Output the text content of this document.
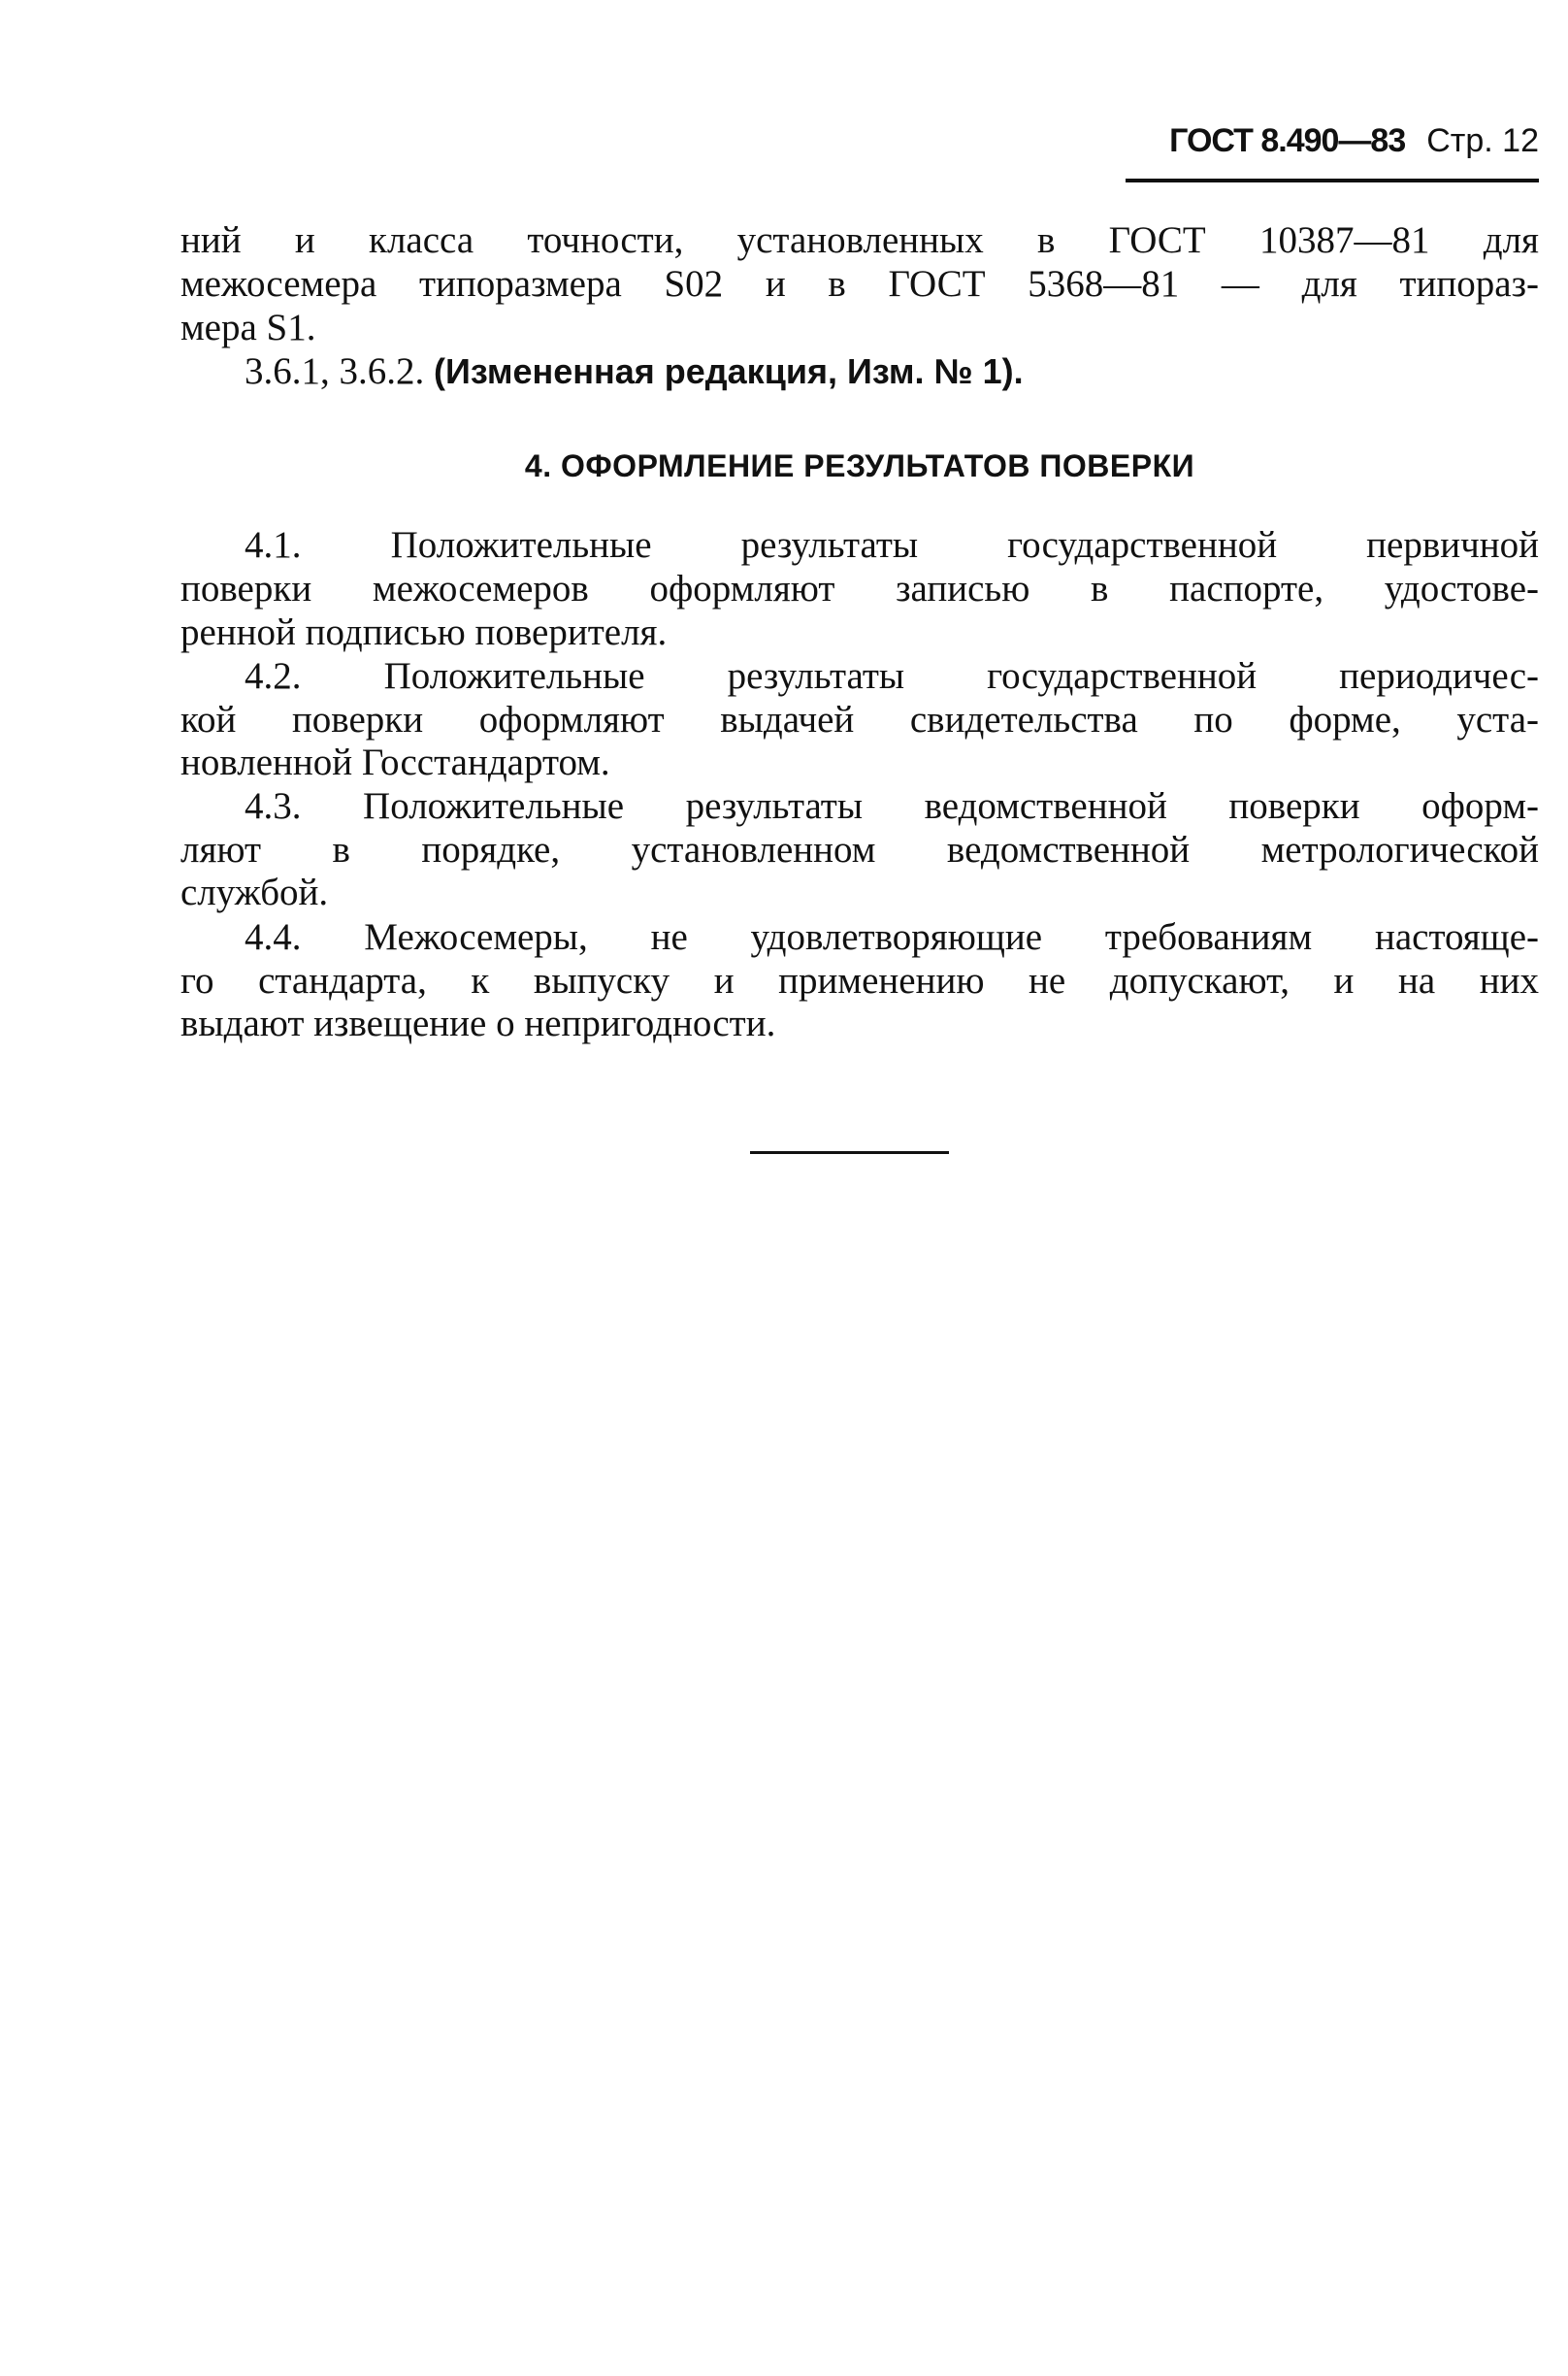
ГОСТ 8.490—83 Стр. 12
ний и класса точности, установленных в ГОСТ 10387—81 для
межосемера типоразмера S02 и в ГОСТ 5368—81 — для типораз-
мера S1.
3.6.1, 3.6.2. (Измененная редакция, Изм. № 1).
4. ОФОРМЛЕНИЕ РЕЗУЛЬТАТОВ ПОВЕРКИ
4.1. Положительные результаты государственной первичной
поверки межосемеров оформляют записью в паспорте, удостове-
ренной подписью поверителя.
4.2. Положительные результаты государственной периодичес-
кой поверки оформляют выдачей свидетельства по форме, уста-
новленной Госстандартом.
4.3. Положительные результаты ведомственной поверки оформ-
ляют в порядке, установленном ведомственной метрологической
службой.
4.4. Межосемеры, не удовлетворяющие требованиям настояще-
го стандарта, к выпуску и применению не допускают, и на них
выдают извещение о непригодности.
